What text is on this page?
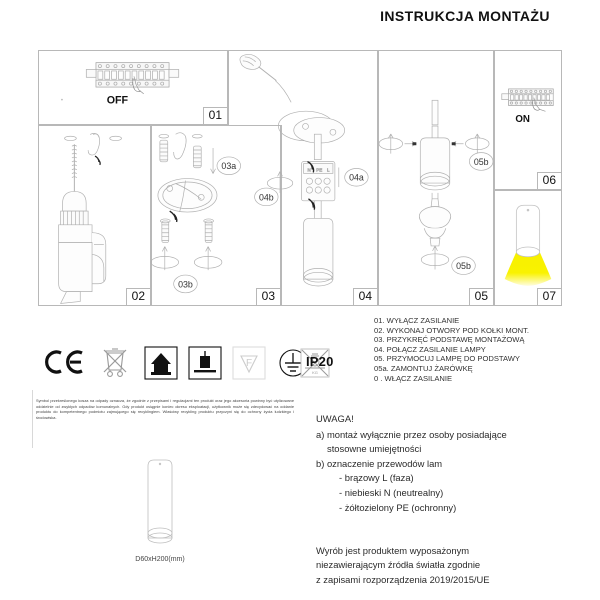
INSTRUKCJA MONTAŻU
OFF
01
02
03a
03b
03
N PE L
04a
04b
04
05b
05b
05
ON
06
07
01. WYŁĄCZ ZASILANIE
02. WYKONAJ OTWORY POD KOŁKI MONT.
03. PRZYKRĘĆ PODSTAWĘ MONTAŻOWĄ
04. POŁĄCZ ZASILANIE LAMPY
05. PRZYMOCUJ LAMPĘ DO PODSTAWY
05a. ZAMONTUJ ŻARÓWKĘ
0 . WŁĄCZ ZASILANIE
F
KG
IP20
Symbol przekreślonego kosza na odpady oznacza, że zgodnie z przepisami i regulacjami ten produkt oraz jego akcesoria powinny być utylizowane oddzielnie od zwykłych odpadów komunalnych. Gdy produkt osiągnie koniec okresu eksploatacji, użytkownik może się zdecydować na oddanie produktu do kompetentnego podmiotu zajmującego się recyklingiem. Właściwy recykling produktu przyczyni się do ochrony życia ludzkiego i środowiska.
D60xH200(mm)
UWAGA!
a) montaż wyłącznie przez osoby posiadające
stosowne umiejętności
b) oznaczenie przewodów lam
- brązowy L (faza)
- niebieski N (neutrealny)
- żółtozielony PE (ochronny)
Wyrób jest produktem wyposażonym
niezawierającym źródła światła zgodnie
z zapisami rozporządzenia 2019/2015/UE
